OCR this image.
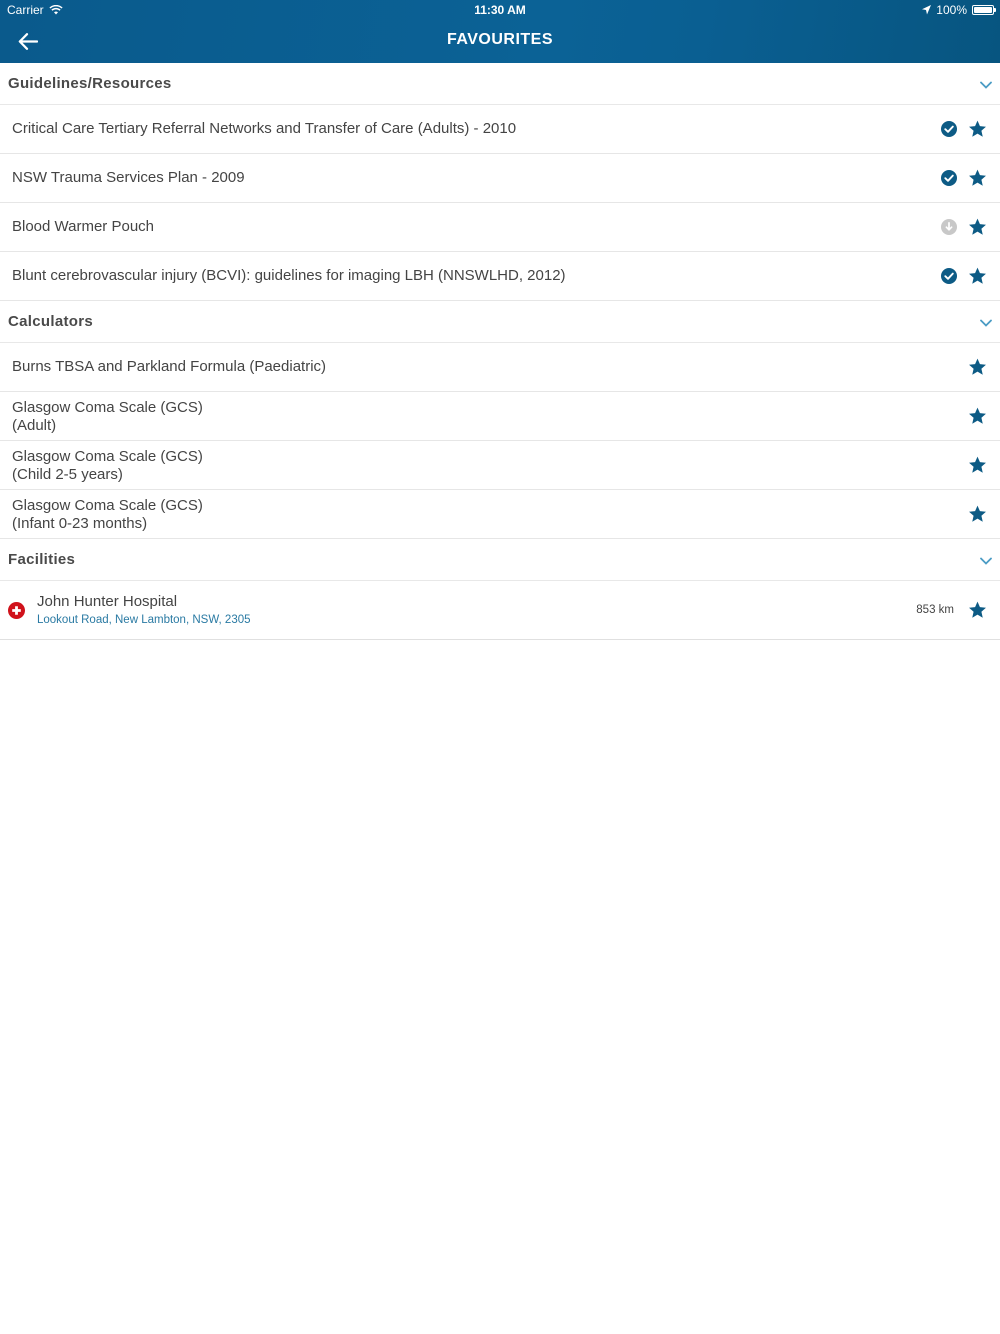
Carrier	11:30 AM	100%
FAVOURITES
Guidelines/Resources
Critical Care Tertiary Referral Networks and Transfer of Care (Adults) - 2010
NSW Trauma Services Plan - 2009
Blood Warmer Pouch
Blunt cerebrovascular injury (BCVI): guidelines for imaging LBH (NNSWLHD, 2012)
Calculators
Burns TBSA and Parkland Formula (Paediatric)
Glasgow Coma Scale (GCS)
(Adult)
Glasgow Coma Scale (GCS)
(Child 2-5 years)
Glasgow Coma Scale (GCS)
(Infant 0-23 months)
Facilities
John Hunter Hospital
Lookout Road, New Lambton, NSW, 2305
853 km
